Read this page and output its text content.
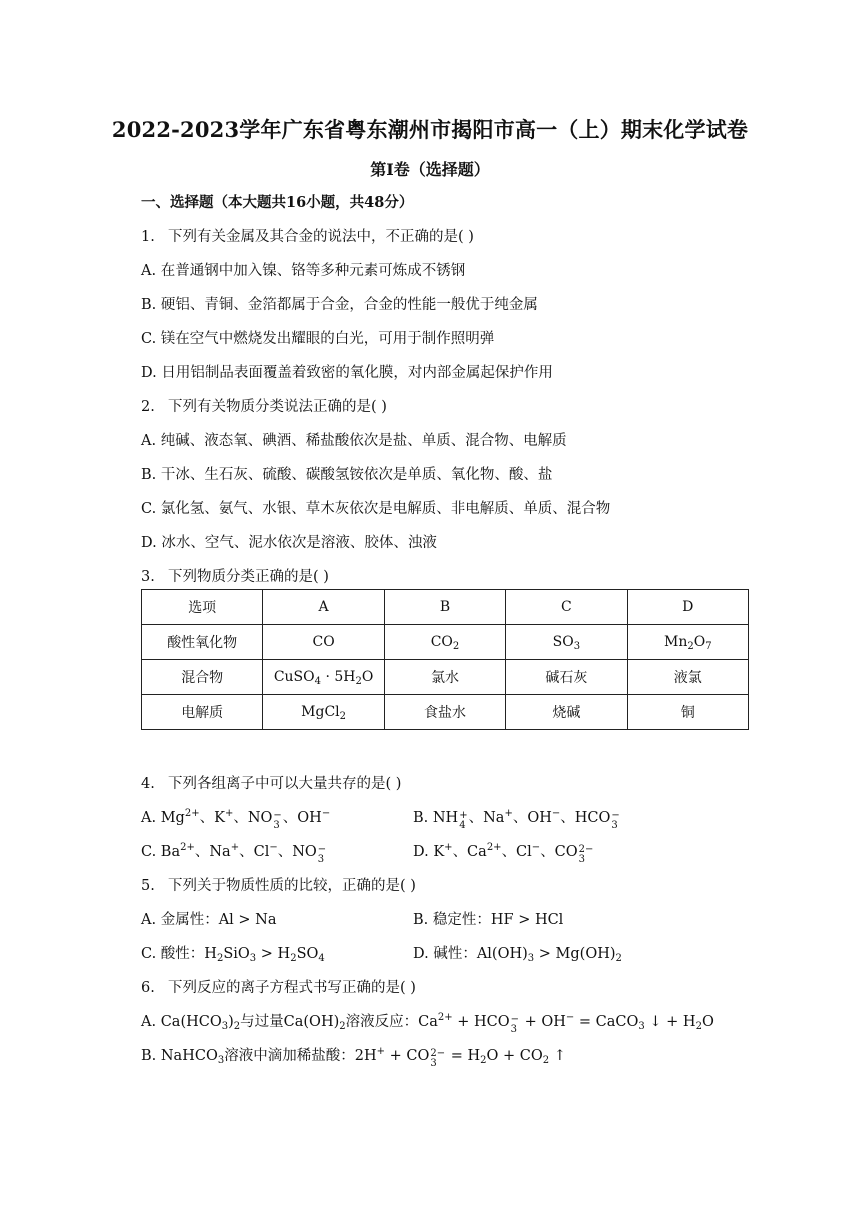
2022-2023学年广东省粤东潮州市揭阳市高一（上）期末化学试卷
第I卷（选择题）
一、选择题（本大题共16小题，共48分）
1. 下列有关金属及其合金的说法中，不正确的是( )
A. 在普通钢中加入镍、铬等多种元素可炼成不锈钢
B. 硬铝、青铜、金箔都属于合金，合金的性能一般优于纯金属
C. 镁在空气中燃烧发出耀眼的白光，可用于制作照明弹
D. 日用铝制品表面覆盖着致密的氧化膜，对内部金属起保护作用
2. 下列有关物质分类说法正确的是( )
A. 纯碱、液态氧、碘酒、稀盐酸依次是盐、单质、混合物、电解质
B. 干冰、生石灰、硫酸、碳酸氢铵依次是单质、氧化物、酸、盐
C. 氯化氢、氨气、水银、草木灰依次是电解质、非电解质、单质、混合物
D. 冰水、空气、泥水依次是溶液、胶体、浊液
3. 下列物质分类正确的是( )
选项	A	B	C	D
酸性氧化物	CO	$CO_2$	$SO_3$	$Mn_2O_7$
混合物	CuSO$_4$ · $5H_2O$	氯水	碱石灰	液氯
电解质	MgCl$_2$	食盐水	烧碱	铜
4. 下列各组离子中可以大量共存的是( )
A. $Mg^{2+}$、K+、NO −
3 、OH−	B. NH +
4 、Na+、OH−、HCO −
3
C. $Ba^{2+}$、Na+、Cl−、NO −
3	D. K+、$Ca^{2+}$、Cl−、CO 2−
3
5. 下列关于物质性质的比较，正确的是( )
A. 金属性：Al > Na	B. 稳定性：HF > HCl
C. 酸性：$H_2SiO_3 > H_2SO_4$	D. 碱性：$Al(OH)_3 > Mg(OH)_2$
6. 下列反应的离子方程式书写正确的是( )
A. $Ca(HCO_3)_2$与过量$Ca(OH)_2$溶液反应：$Ca^{2+}$ + HCO −
3 + OH− = CaCO$_3$ ↓ + $H_2O$
B. NaHCO$_3$溶液中滴加稀盐酸：2H+ + CO 2−
$3 = H_2O + CO_2$ ↑
